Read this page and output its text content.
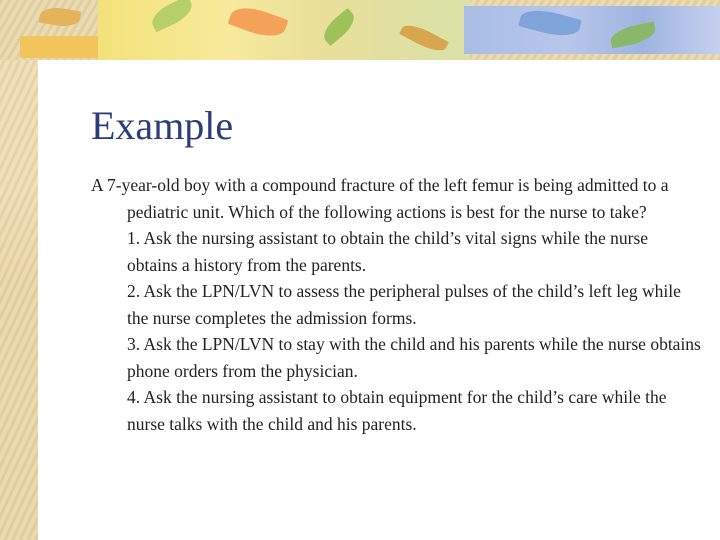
Example

A 7-year-old boy with a compound fracture of the left femur is being admitted to a pediatric unit. Which of the following actions is best for the nurse to take?

1. Ask the nursing assistant to obtain the child’s vital signs while the nurse obtains a history from the parents.

2. Ask the LPN/LVN to assess the peripheral pulses of the child’s left leg while the nurse completes the admission forms.

3. Ask the LPN/LVN to stay with the child and his parents while the nurse obtains phone orders from the physician.

4. Ask the nursing assistant to obtain equipment for the child’s care while the nurse talks with the child and his parents.
